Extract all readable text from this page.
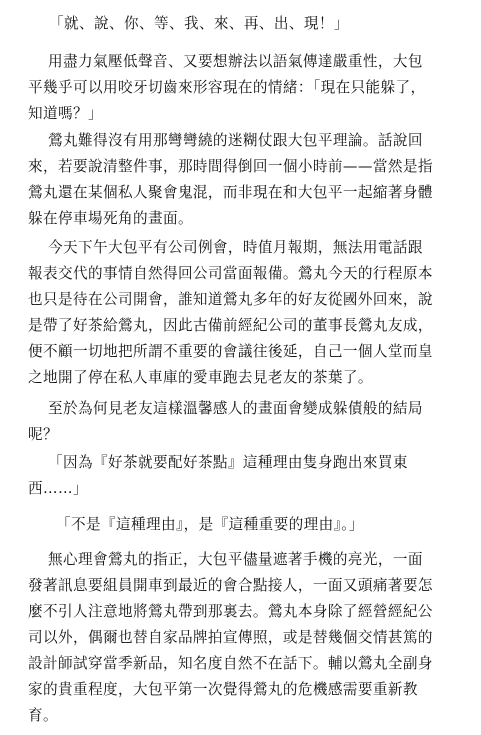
「就、說、你、等、我、來、再、出、現！」

用盡力氣壓低聲音、又要想辦法以語氣傳達嚴重性，大包
平幾乎可以用咬牙切齒來形容現在的情緒：「現在只能躲了，
知道嗎？」

鶯丸難得沒有用那彎彎繞的迷糊仗跟大包平理論。話說回
來，若要說清整件事，那時間得倒回一個小時前——當然是指
鶯丸還在某個私人聚會鬼混，而非現在和大包平一起縮著身體
躲在停車場死角的畫面。

今天下午大包平有公司例會，時值月報期，無法用電話跟
報表交代的事情自然得回公司當面報備。鶯丸今天的行程原本
也只是待在公司開會，誰知道鶯丸多年的好友從國外回來，說
是帶了好茶給鶯丸，因此古備前經紀公司的董事長鶯丸友成，
便不顧一切地把所謂不重要的會議往後延，自己一個人堂而皇
之地開了停在私人車庫的愛車跑去見老友的茶葉了。

至於為何見老友這樣溫馨感人的畫面會變成躲債般的結局
呢？

「因為『好茶就要配好茶點』這種理由隻身跑出來買東
西……」

「不是『這種理由』，是『這種重要的理由』。」

無心理會鶯丸的指正，大包平儘量遮著手機的亮光，一面
發著訊息要組員開車到最近的會合點接人，一面又頭痛著要怎
麼不引人注意地將鶯丸帶到那裏去。鶯丸本身除了經營經紀公
司以外，偶爾也替自家品牌拍宣傳照，或是替幾個交情甚篤的
設計師試穿當季新品，知名度自然不在話下。輔以鶯丸全副身
家的貴重程度，大包平第一次覺得鶯丸的危機感需要重新教
育。
